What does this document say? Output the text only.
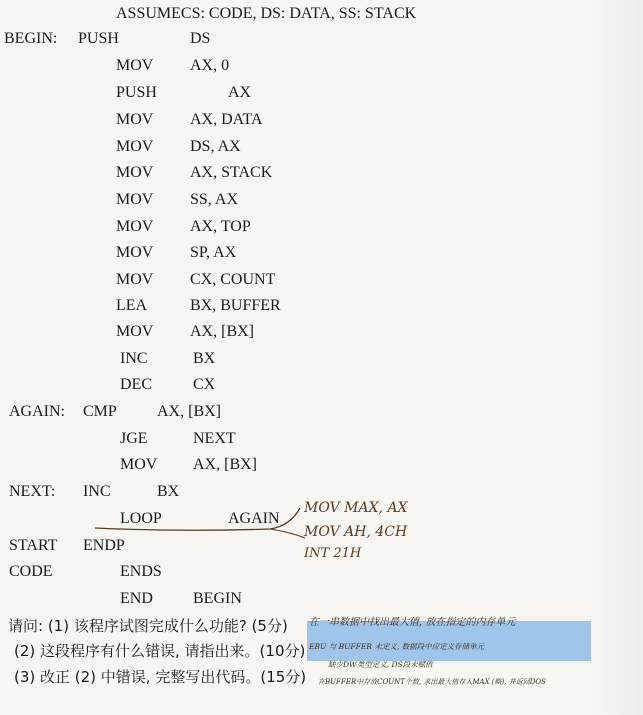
ASSUMECS: CODE, DS: DATA, SS: STACK
BEGIN: PUSH	DS
MOV AX, 0
PUSH	AX
MOV AX, DATA
MOV DS, AX
MOV AX, STACK
MOV SS, AX
MOV AX, TOP
MOV SP, AX
MOV CX, COUNT
LEA	BX, BUFFER
MOV AX, [BX]
INC	BX
DEC	CX
AGAIN: CMP	AX, [BX]
JGE	NEXT
MOV AX, [BX]
NEXT: INC	BX
LOOP	AGAIN
START ENDP
CODE	ENDS
END	BEGIN
MOV MAX, AX
MOV AH, 4CH
INT 21H
请问: (1) 该程序试图完成什么功能? (5分)
(2) 这段程序有什么错误, 请指出来。(10分)
(3) 改正 (2) 中错误, 完整写出代码。(15分)
在一串数据中找出最大值, 放在指定的内存单元
EBU 与 BUFFER 未定义, 数据段中应定义存储单元
缺少DW类型定义, DS段未赋值
在BUFFER中存放COUNT个数, 求出最大值存入MAX (略), 并返回DOS
